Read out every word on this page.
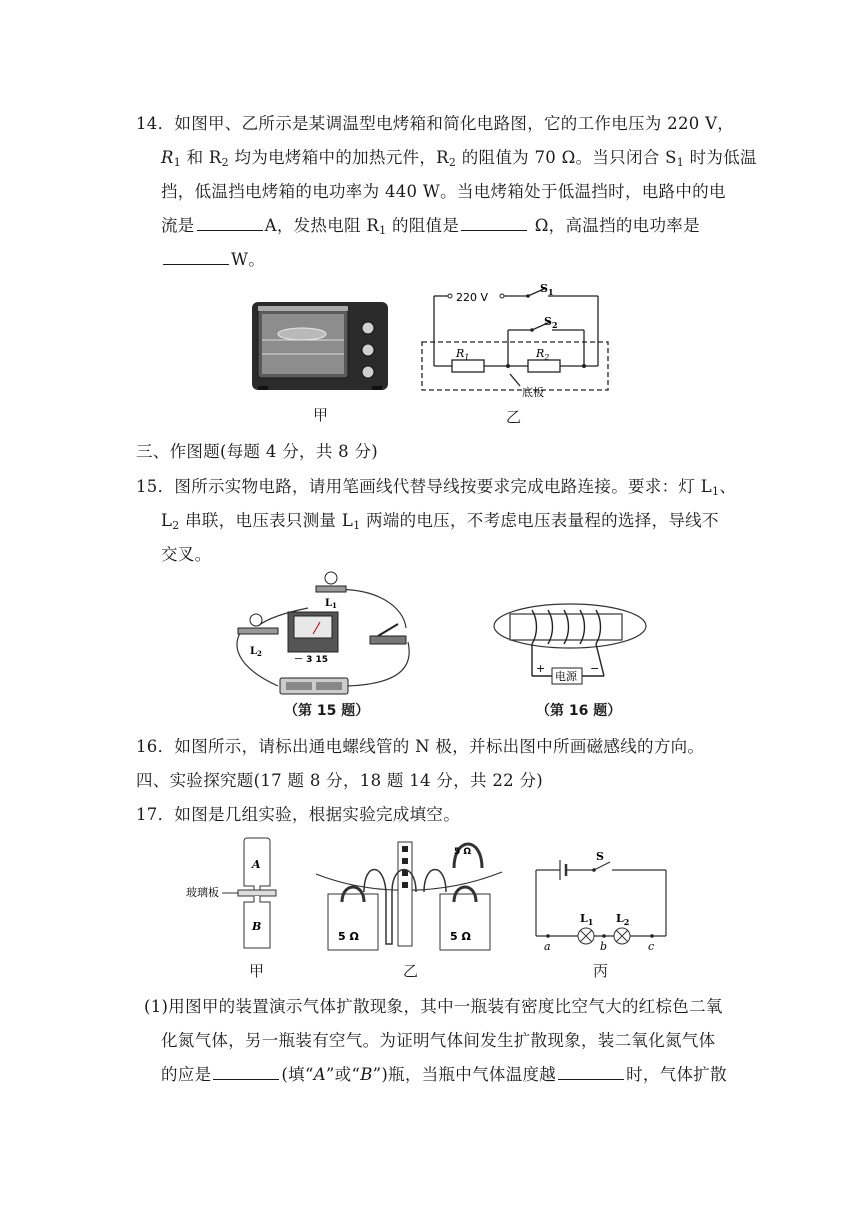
14．如图甲、乙所示是某调温型电烤箱和简化电路图，它的工作电压为 220 V，
$R_1$ 和 $R_2$ 均为电烤箱中的加热元件，$R_2$ 的阻值为 70 Ω。当只闭合 $S_1$ 时为低温
挡，低温挡电烤箱的电功率为 440 W。当电烤箱处于低温挡时，电路中的电
流是	A，发热电阻 $R_1$ 的阻值是	Ω，高温挡的电功率是
W。
甲
220 V
$S_1$
$S_2$
$R_1$	$R_2$
底板
乙
三、作图题(每题 4 分，共 8 分)
15．图所示实物电路，请用笔画线代替导线按要求完成电路连接。要求：灯 $L_1$、
$L_2$ 串联，电压表只测量 $L_1$ 两端的电压，不考虑电压表量程的选择，导线不
交叉。
$L_1$
$L_2$
－ 3 15
（第 15 题）
电源
+	−
（第 16 题）
16．如图所示，请标出通电螺线管的 N 极，并标出图中所画磁感线的方向。
四、实验探究题(17 题 8 分，18 题 14 分，共 22 分)
17．如图是几组实验，根据实验完成填空。
A
B
玻璃板
甲
5 Ω	5 Ω
5 Ω
乙
S
$L_1$ $L_2$
a	b	c
丙
(1)用图甲的装置演示气体扩散现象，其中一瓶装有密度比空气大的红棕色二氧
化氮气体，另一瓶装有空气。为证明气体间发生扩散现象，装二氧化氮气体
的应是	(填“A”或“B”)瓶，当瓶中气体温度越	时，气体扩散
